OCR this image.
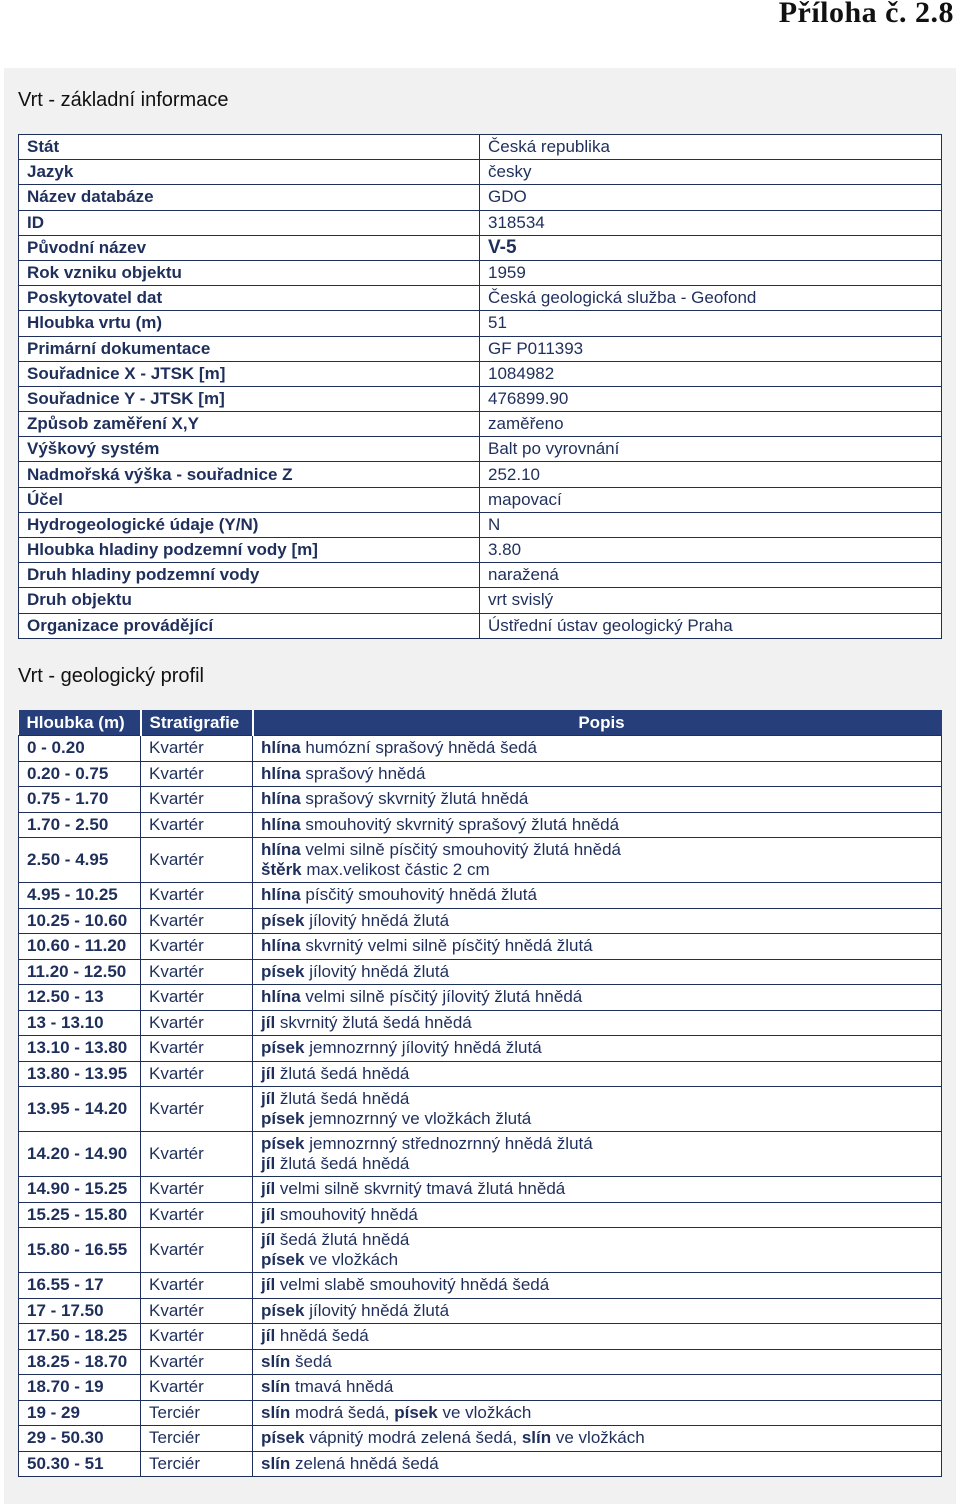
Příloha č. 2.8
Vrt - základní informace
Stát	Česká republika
Jazyk	česky
Název databáze	GDO
ID	318534
Původní název	V-5
Rok vzniku objektu	1959
Poskytovatel dat	Česká geologická služba - Geofond
Hloubka vrtu (m)	51
Primární dokumentace	GF P011393
Souřadnice X - JTSK [m]	1084982
Souřadnice Y - JTSK [m]	476899.90
Způsob zaměření X,Y	zaměřeno
Výškový systém	Balt po vyrovnání
Nadmořská výška - souřadnice Z	252.10
Účel	mapovací
Hydrogeologické údaje (Y/N)	N
Hloubka hladiny podzemní vody [m]	3.80
Druh hladiny podzemní vody	naražená
Druh objektu	vrt svislý
Organizace provádějící	Ústřední ústav geologický Praha
Vrt - geologický profil
Hloubka (m)	Stratigrafie	Popis
0 - 0.20	Kvartér	hlína humózní sprašový hnědá šedá

0.20 - 0.75	Kvartér	hlína sprašový hnědá

0.75 - 1.70	Kvartér	hlína sprašový skvrnitý žlutá hnědá

1.70 - 2.50	Kvartér	hlína smouhovitý skvrnitý sprašový žlutá hnědá

2.50 - 4.95	Kvartér	hlína velmi silně písčitý smouhovitý žlutá hnědá
štěrk max.velikost částic 2 cm

4.95 - 10.25	Kvartér	hlína písčitý smouhovitý hnědá žlutá

10.25 - 10.60	Kvartér	písek jílovitý hnědá žlutá

10.60 - 11.20	Kvartér	hlína skvrnitý velmi silně písčitý hnědá žlutá

11.20 - 12.50	Kvartér	písek jílovitý hnědá žlutá

12.50 - 13	Kvartér	hlína velmi silně písčitý jílovitý žlutá hnědá

13 - 13.10	Kvartér	jíl skvrnitý žlutá šedá hnědá

13.10 - 13.80	Kvartér	písek jemnozrnný jílovitý hnědá žlutá

13.80 - 13.95	Kvartér	jíl žlutá šedá hnědá

13.95 - 14.20	Kvartér	jíl žlutá šedá hnědá
písek jemnozrnný ve vložkách žlutá

14.20 - 14.90	Kvartér	písek jemnozrnný střednozrnný hnědá žlutá
jíl žlutá šedá hnědá

14.90 - 15.25	Kvartér	jíl velmi silně skvrnitý tmavá žlutá hnědá

15.25 - 15.80	Kvartér	jíl smouhovitý hnědá

15.80 - 16.55	Kvartér	jíl šedá žlutá hnědá
písek ve vložkách

16.55 - 17	Kvartér	jíl velmi slabě smouhovitý hnědá šedá

17 - 17.50	Kvartér	písek jílovitý hnědá žlutá

17.50 - 18.25	Kvartér	jíl hnědá šedá

18.25 - 18.70	Kvartér	slín šedá

18.70 - 19	Kvartér	slín tmavá hnědá

19 - 29	Terciér	slín modrá šedá, písek ve vložkách

29 - 50.30	Terciér	písek vápnitý modrá zelená šedá, slín ve vložkách

50.30 - 51	Terciér	slín zelená hnědá šedá
